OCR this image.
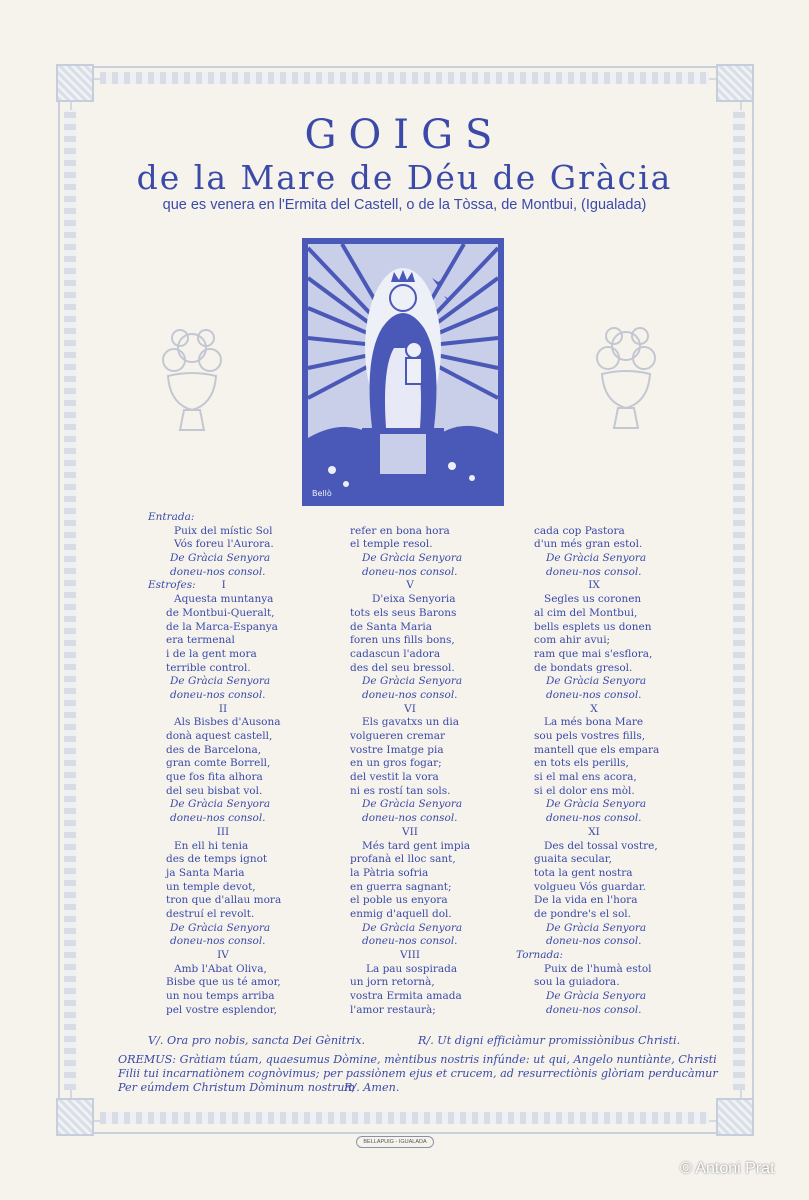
GOIGS
de la Mare de Déu de Gràcia
que es venera en l'Ermita del Castell, o de la Tòssa, de Montbui, (Igualada)
Bellò
Entrada:
Puix del místic Sol
Vós foreu l'Aurora.
De Gràcia Senyora
doneu-nos consol.
Estrofes: I
Aquesta muntanya
de Montbui-Queralt,
de la Marca-Espanya
era termenal
i de la gent mora
terrible control.
De Gràcia Senyora
doneu-nos consol.
II
Als Bisbes d'Ausona
donà aquest castell,
des de Barcelona,
gran comte Borrell,
que fos fita alhora
del seu bisbat vol.
De Gràcia Senyora
doneu-nos consol.
III
En ell hi tenia
des de temps ignot
ja Santa Maria
un temple devot,
tron que d'allau mora
destruí el revolt.
De Gràcia Senyora
doneu-nos consol.
IV
Amb l'Abat Oliva,
Bisbe que us té amor,
un nou temps arriba
pel vostre esplendor,
refer en bona hora
el temple resol.
De Gràcia Senyora
doneu-nos consol.
V
D'eixa Senyoria
tots els seus Barons
de Santa Maria
foren uns fills bons,
cadascun l'adora
des del seu bressol.
De Gràcia Senyora
doneu-nos consol.
VI
Els gavatxs un dia
volgueren cremar
vostre Imatge pia
en un gros fogar;
del vestit la vora
ni es rostí tan sols.
De Gràcia Senyora
doneu-nos consol.
VII
Més tard gent impia
profanà el lloc sant,
la Pàtria sofria
en guerra sagnant;
el poble us enyora
enmig d'aquell dol.
De Gràcia Senyora
doneu-nos consol.
VIII
La pau sospirada
un jorn retornà,
vostra Ermita amada
l'amor restaurà;
cada cop Pastora
d'un més gran estol.
De Gràcia Senyora
doneu-nos consol.
IX
Segles us coronen
al cim del Montbui,
bells esplets us donen
com ahir avui;
ram que mai s'esflora,
de bondats gresol.
De Gràcia Senyora
doneu-nos consol.
X
La més bona Mare
sou pels vostres fills,
mantell que els empara
en tots els perills,
si el mal ens acora,
si el dolor ens mòl.
De Gràcia Senyora
doneu-nos consol.
XI
Des del tossal vostre,
guaita secular,
tota la gent nostra
volgueu Vós guardar.
De la vida en l'hora
de pondre's el sol.
De Gràcia Senyora
doneu-nos consol.
Tornada:
Puix de l'humà estol
sou la guiadora.
De Gràcia Senyora
doneu-nos consol.
V/. Ora pro nobis, sancta Dei Gènitrix.	R/. Ut digni efficiàmur promissiònibus Christi.
OREMUS: Gràtiam túam, quaesumus Dòmine, mèntibus nostris infúnde: ut qui, Angelo nuntiànte, Christi
Filii tui incarnatiònem cognòvimus; per passiònem ejus et crucem, ad resurrectiònis glòriam perducàmur
Per eúmdem Christum Dòminum nostrum
R/. Amen.
BELLAPUIG - IGUALADA
© Antoni Prat
